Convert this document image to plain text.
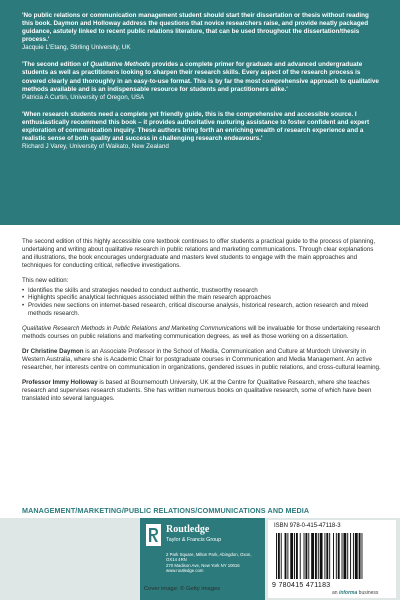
'No public relations or communication management student should start their dissertation or thesis without reading this book. Daymon and Holloway address the questions that novice researchers raise, and provide neatly packaged guidance, astutely linked to recent public relations literature, that can be used throughout the dissertation/thesis process.'
Jacquie L'Etang, Stirling University, UK
'The second edition of Qualitative Methods provides a complete primer for graduate and advanced undergraduate students as well as practitioners looking to sharpen their research skills. Every aspect of the research process is covered clearly and thoroughly in an easy-to-use format. This is by far the most comprehensive approach to qualitative methods available and is an indispensable resource for students and practitioners alike.'
Patricia A Curtin, University of Oregon, USA
'When research students need a complete yet friendly guide, this is the comprehensive and accessible source. I enthusiastically recommend this book – it provides authoritative nurturing assistance to foster confident and expert exploration of communication inquiry. These authors bring forth an enriching wealth of research experience and a realistic sense of both quality and success in challenging research endeavours.'
Richard J Varey, University of Waikato, New Zealand

The second edition of this highly accessible core textbook continues to offer students a practical guide to the process of planning, undertaking and writing about qualitative research in public relations and marketing communications. Through clear explanations and illustrations, the book encourages undergraduate and masters level students to engage with the main approaches and techniques for conducting critical, reflective investigations.

This new edition:

• Identifies the skills and strategies needed to conduct authentic, trustworthy research
• Highlights specific analytical techniques associated within the main research approaches
• Provides new sections on internet-based research, critical discourse analysis, historical research, action research and mixed methods research.

Qualitative Research Methods in Public Relations and Marketing Communications will be invaluable for those undertaking research methods courses on public relations and marketing communication degrees, as well as those working on a dissertation.

Dr Christine Daymon is an Associate Professor in the School of Media, Communication and Culture at Murdoch University in Western Australia, where she is Academic Chair for postgraduate courses in Communication and Media Management. An active researcher, her interests centre on communication in organizations, gendered issues in public relations, and cross-cultural learning.

Professor Immy Holloway is based at Bournemouth University, UK at the Centre for Qualitative Research, where she teaches research and supervises research students. She has written numerous books on qualitative research, some of which have been translated into several languages.

MANAGEMENT/MARKETING/PUBLIC RELATIONS/COMMUNICATIONS AND MEDIA
Routledge
Taylor & Francis Group
2 Park Square, Milton Park, Abingdon, Oxon, OX14 4RN
270 Madison Ave, New York NY 10016
www.routledge.com
Cover image: © Getty images
ISBN 978-0-415-47118-3
9 780415 471183
an informa business
